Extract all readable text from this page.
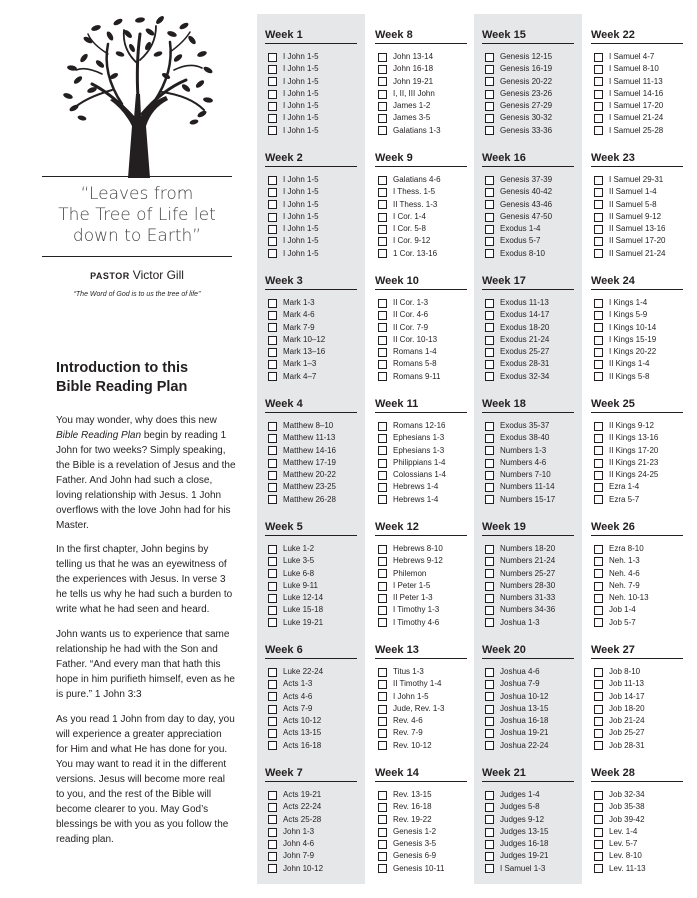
“Leaves from
The Tree of Life let
down to Earth”
PASTOR Victor Gill
“The Word of God is to us the tree of life”
Introduction to this
Bible Reading Plan

You may wonder, why does this new Bible Reading Plan begin by reading 1 John for two weeks? Simply speaking, the Bible is a revelation of Jesus and the Father. And John had such a close, loving relationship with Jesus. 1 John overflows with the love John had for his Master.

In the first chapter, John begins by telling us that he was an eyewitness of the experiences with Jesus. In verse 3 he tells us why he had such a burden to write what he had seen and heard.

John wants us to experience that same relationship he had with the Son and Father. “And every man that hath this hope in him purifieth himself, even as he is pure.” 1 John 3:3

As you read 1 John from day to day, you will experience a greater appreciation for Him and what He has done for you. You may want to read it in the different versions. Jesus will become more real to you, and the rest of the Bible will become clearer to you. May God’s blessings be with you as you follow the reading plan.

Week 1
I John 1-5
I John 1-5
I John 1-5
I John 1-5
I John 1-5
I John 1-5
I John 1-5
Week 2
I John 1-5
I John 1-5
I John 1-5
I John 1-5
I John 1-5
I John 1-5
I John 1-5
Week 3
Mark 1-3
Mark 4-6
Mark 7-9
Mark 10–12
Mark 13–16
Mark 1–3
Mark 4–7
Week 4
Matthew 8–10
Matthew 11-13
Matthew 14-16
Matthew 17-19
Matthew 20-22
Matthew 23-25
Matthew 26-28
Week 5
Luke 1-2
Luke 3-5
Luke 6-8
Luke 9-11
Luke 12-14
Luke 15-18
Luke 19-21
Week 6
Luke 22-24
Acts 1-3
Acts 4-6
Acts 7-9
Acts 10-12
Acts 13-15
Acts 16-18
Week 7
Acts 19-21
Acts 22-24
Acts 25-28
John 1-3
John 4-6
John 7-9
John 10-12
Week 8
John 13-14
John 16-18
John 19-21
I, II, III John
James 1-2
James 3-5
Galatians 1-3
Week 9
Galatians 4-6
I Thess. 1-5
II Thess. 1-3
I Cor. 1-4
I Cor. 5-8
I Cor. 9-12
1 Cor. 13-16
Week 10
II Cor. 1-3
II Cor. 4-6
II Cor. 7-9
II Cor. 10-13
Romans 1-4
Romans 5-8
Romans 9-11
Week 11
Romans 12-16
Ephesians 1-3
Ephesians 1-3
Philippians 1-4
Colossians 1-4
Hebrews 1-4
Hebrews 1-4
Week 12
Hebrews 8-10
Hebrews 9-12
Philemon
I Peter 1-5
II Peter 1-3
I Timothy 1-3
I Timothy 4-6
Week 13
Titus 1-3
II Timothy 1-4
I John 1-5
Jude, Rev. 1-3
Rev. 4-6
Rev. 7-9
Rev. 10-12
Week 14
Rev. 13-15
Rev. 16-18
Rev. 19-22
Genesis 1-2
Genesis 3-5
Genesis 6-9
Genesis 10-11
Week 15
Genesis 12-15
Genesis 16-19
Genesis 20-22
Genesis 23-26
Genesis 27-29
Genesis 30-32
Genesis 33-36
Week 16
Genesis 37-39
Genesis 40-42
Genesis 43-46
Genesis 47-50
Exodus 1-4
Exodus 5-7
Exodus 8-10
Week 17
Exodus 11-13
Exodus 14-17
Exodus 18-20
Exodus 21-24
Exodus 25-27
Exodus 28-31
Exodus 32-34
Week 18
Exodus 35-37
Exodus 38-40
Numbers 1-3
Numbers 4-6
Numbers 7-10
Numbers 11-14
Numbers 15-17
Week 19
Numbers 18-20
Numbers 21-24
Numbers 25-27
Numbers 28-30
Numbers 31-33
Numbers 34-36
Joshua 1-3
Week 20
Joshua 4-6
Joshua 7-9
Joshua 10-12
Joshua 13-15
Joshua 16-18
Joshua 19-21
Joshua 22-24
Week 21
Judges 1-4
Judges 5-8
Judges 9-12
Judges 13-15
Judges 16-18
Judges 19-21
I Samuel 1-3
Week 22
I Samuel 4-7
I Samuel 8-10
I Samuel 11-13
I Samuel 14-16
I Samuel 17-20
I Samuel 21-24
I Samuel 25-28
Week 23
I Samuel 29-31
II Samuel 1-4
II Samuel 5-8
II Samuel 9-12
II Samuel 13-16
II Samuel 17-20
II Samuel 21-24
Week 24
I Kings 1-4
I Kings 5-9
I Kings 10-14
I Kings 15-19
I Kings 20-22
II Kings 1-4
II Kings 5-8
Week 25
II Kings 9-12
II Kings 13-16
II Kings 17-20
II Kings 21-23
II Kings 24-25
Ezra 1-4
Ezra 5-7
Week 26
Ezra 8-10
Neh. 1-3
Neh. 4-6
Neh. 7-9
Neh. 10-13
Job 1-4
Job 5-7
Week 27
Job 8-10
Job 11-13
Job 14-17
Job 18-20
Job 21-24
Job 25-27
Job 28-31
Week 28
Job 32-34
Job 35-38
Job 39-42
Lev. 1-4
Lev. 5-7
Lev. 8-10
Lev. 11-13
